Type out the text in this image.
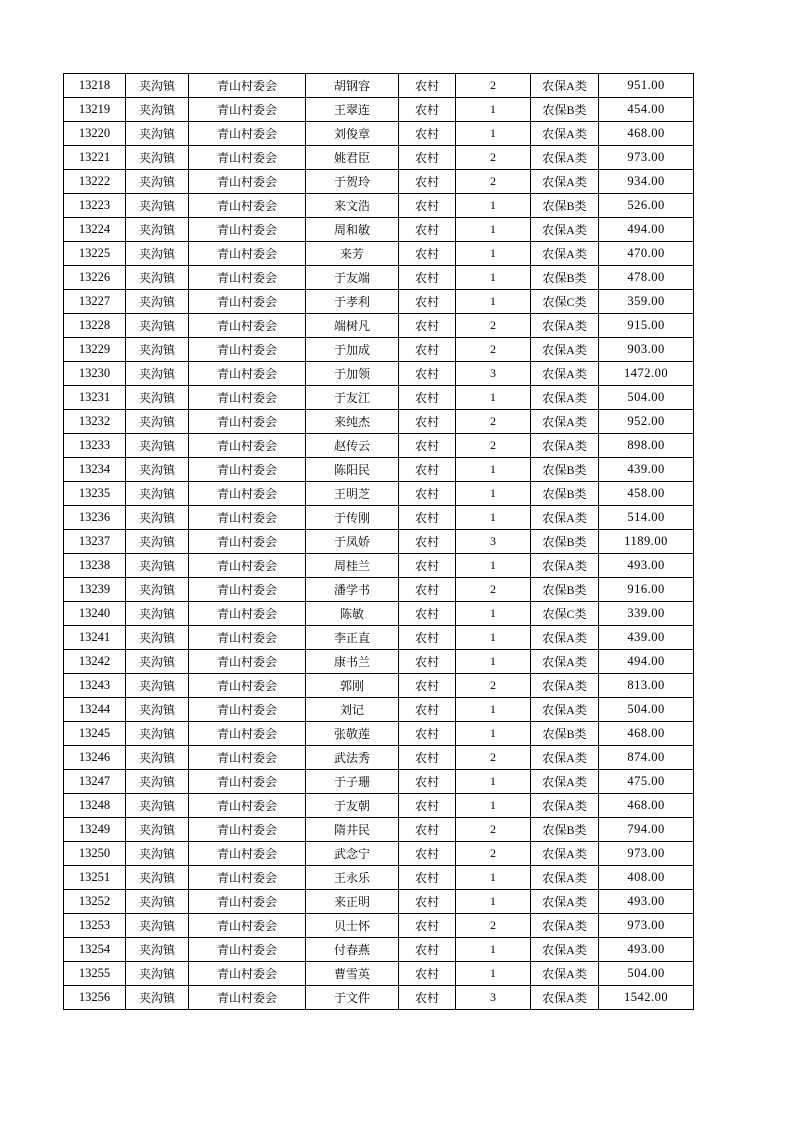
13218	夹沟镇	青山村委会	胡钢容	农村	2	农保A类	951.00
13219	夹沟镇	青山村委会	王翠连	农村	1	农保B类	454.00
13220	夹沟镇	青山村委会	刘俊章	农村	1	农保A类	468.00
13221	夹沟镇	青山村委会	姚君臣	农村	2	农保A类	973.00
13222	夹沟镇	青山村委会	于贺玲	农村	2	农保A类	934.00
13223	夹沟镇	青山村委会	来文浩	农村	1	农保B类	526.00
13224	夹沟镇	青山村委会	周和敏	农村	1	农保A类	494.00
13225	夹沟镇	青山村委会	来芳	农村	1	农保A类	470.00
13226	夹沟镇	青山村委会	于友端	农村	1	农保B类	478.00
13227	夹沟镇	青山村委会	于孝利	农村	1	农保C类	359.00
13228	夹沟镇	青山村委会	端树凡	农村	2	农保A类	915.00
13229	夹沟镇	青山村委会	于加成	农村	2	农保A类	903.00
13230	夹沟镇	青山村委会	于加领	农村	3	农保A类	1472.00
13231	夹沟镇	青山村委会	于友江	农村	1	农保A类	504.00
13232	夹沟镇	青山村委会	来纯杰	农村	2	农保A类	952.00
13233	夹沟镇	青山村委会	赵传云	农村	2	农保A类	898.00
13234	夹沟镇	青山村委会	陈阳民	农村	1	农保B类	439.00
13235	夹沟镇	青山村委会	王明芝	农村	1	农保B类	458.00
13236	夹沟镇	青山村委会	于传刚	农村	1	农保A类	514.00
13237	夹沟镇	青山村委会	于凤娇	农村	3	农保B类	1189.00
13238	夹沟镇	青山村委会	周桂兰	农村	1	农保A类	493.00
13239	夹沟镇	青山村委会	潘学书	农村	2	农保B类	916.00
13240	夹沟镇	青山村委会	陈敏	农村	1	农保C类	339.00
13241	夹沟镇	青山村委会	李正直	农村	1	农保A类	439.00
13242	夹沟镇	青山村委会	康书兰	农村	1	农保A类	494.00
13243	夹沟镇	青山村委会	郭刚	农村	2	农保A类	813.00
13244	夹沟镇	青山村委会	刘记	农村	1	农保A类	504.00
13245	夹沟镇	青山村委会	张敬莲	农村	1	农保B类	468.00
13246	夹沟镇	青山村委会	武法秀	农村	2	农保A类	874.00
13247	夹沟镇	青山村委会	于子珊	农村	1	农保A类	475.00
13248	夹沟镇	青山村委会	于友朝	农村	1	农保A类	468.00
13249	夹沟镇	青山村委会	隋井民	农村	2	农保B类	794.00
13250	夹沟镇	青山村委会	武念宁	农村	2	农保A类	973.00
13251	夹沟镇	青山村委会	王永乐	农村	1	农保A类	408.00
13252	夹沟镇	青山村委会	来正明	农村	1	农保A类	493.00
13253	夹沟镇	青山村委会	贝士怀	农村	2	农保A类	973.00
13254	夹沟镇	青山村委会	付春燕	农村	1	农保A类	493.00
13255	夹沟镇	青山村委会	曹雪英	农村	1	农保A类	504.00
13256	夹沟镇	青山村委会	于文件	农村	3	农保A类	1542.00
